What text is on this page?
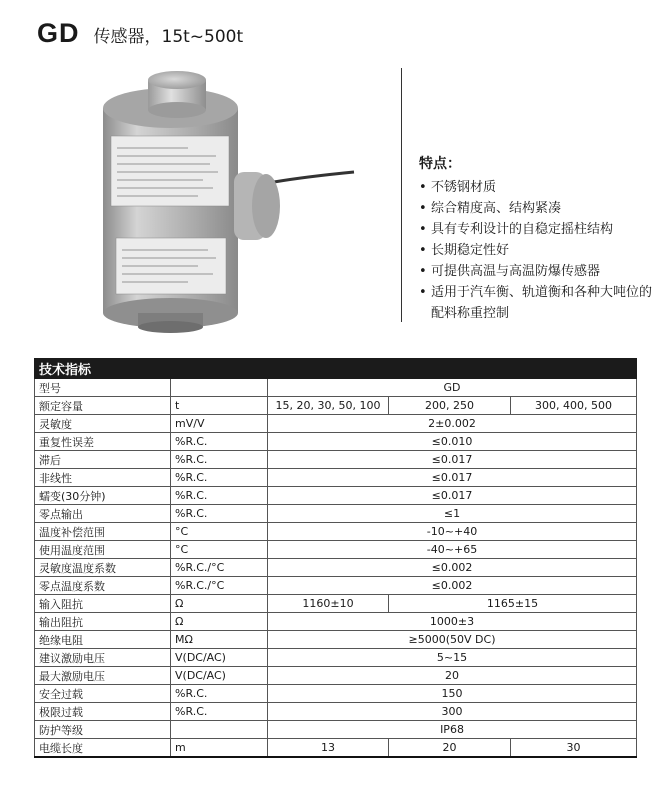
GD 传感器，15t~500t
特点：
• 不锈钢材质
• 综合精度高、结构紧凑
• 具有专利设计的自稳定摇柱结构
• 长期稳定性好
• 可提供高温与高温防爆传感器
• 适用于汽车衡、轨道衡和各种大吨位的配料称重控制
技术指标				
型号		GD		
额定容量	t	15, 20, 30, 50, 100	200, 250	300, 400, 500
灵敏度	mV/V	2±0.002		
重复性误差	%R.C.	≤0.010		
滞后	%R.C.	≤0.017		
非线性	%R.C.	≤0.017		
蠕变(30分钟)	%R.C.	≤0.017		
零点输出	%R.C.	≤1		
温度补偿范围	°C	-10~+40		
使用温度范围	°C	-40~+65		
灵敏度温度系数	%R.C./°C	≤0.002		
零点温度系数	%R.C./°C	≤0.002		
输入阻抗	Ω	1160±10	1165±15	
输出阻抗	Ω	1000±3		
绝缘电阻	MΩ	≥5000(50V DC)		
建议激励电压	V(DC/AC)	5~15		
最大激励电压	V(DC/AC)	20		
安全过载	%R.C.	150		
极限过载	%R.C.	300		
防护等级		IP68		
电缆长度	m	13	20	30
